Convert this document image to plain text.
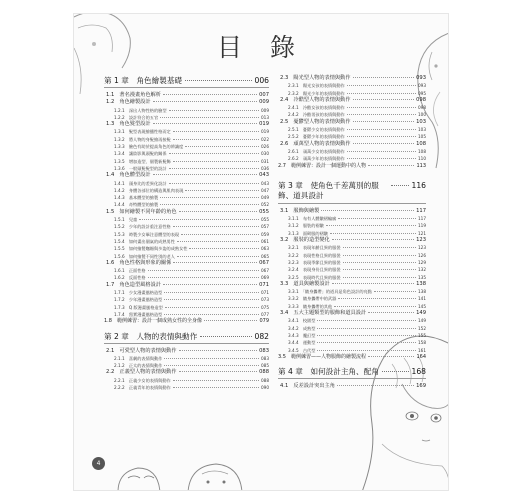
目 錄
第 1 章　角色繪製基礎	006
1.1　著名漫畫角色解析	007
1.2　角色繪製設計	009
1.2.1　深出人物性格的臉型	009
1.2.2　設計符合的五官	013
1.3　角色髮型設計	019
1.3.1　髮型表現繪播性格而定	019
1.3.2　將人物的身髮繪再接髮	022
1.3.3　臉色有助於提高角色的辨識度	026
1.3.4　讓陰影與頭髮的關係	030
1.3.5　增加造型、個製新髮飾	031
1.3.6　一般頭髮髮型的設計	036
1.4　角色體型設計	043
1.4.1　頭身比的差異化設計	043
1.4.2　身體各部位的構造與肌肉表現	047
1.4.3　基本體型的繪製	049
1.4.4　奇特體型的繪製	052
1.5　如何繪製不同年齡的角色	055
1.5.1　兒童	055
1.5.2　少年的設計重注意性格	057
1.5.3　時製少女畢注意體型的表現	059
1.5.4　如何畫出個氣的成熟男性	061
1.5.5　如何繪製嫵媚與多姿的成熟女性	063
1.5.6　如何繪製不同性別的老人	065
1.6　角色性格與形象的關係	067
1.6.1　正面性格	067
1.6.2　反面性格	069
1.7　角色造型風格設計	071
1.7.1　少女漫畫風格造型	071
1.7.2　少年漫畫風格造型	073
1.7.3　Q 版漫畫風格造型	075
1.7.4　寫實漫畫風格造型	077
1.8　範例練習：設計一個成熟女性的全身像	079
第 2 章　人物的表情與動作	082
2.1　可愛型人物的表情與動作	083
2.1.1　喜劇的表情與動作	083
2.1.2　正太的表情與動作	085
2.2　正義型人物的表情與動作	088
2.2.1　正義少女的表情與動作	088
2.2.2　正義青年的表情與動作	090
2.3　陽光型人物的表情與動作	093
2.3.1　陽光女孩的表情與動作	093
2.3.2　陽光少年的表情與動作	095
2.4　冷酷型人物的表情與動作	098
2.4.1　冷酷女孩的表情與動作	098
2.4.2　冷酷男孩的表情與動作	100
2.5　憂鬱型人物的表情與動作	103
2.5.1　憂鬱少女的表情與動作	103
2.5.2　憂鬱少年的表情與動作	105
2.6　頑萬型人物的表情與動作	108
2.6.1　頑萬少女的表情與動作	108
2.6.2　頑萬少年的表情與動作	110
2.7　範例練習：設計一個運動中的人物	113
第 3 章　使角色千差萬別的服飾、道具設計
116
3.1　服飾與繪製	117
3.1.1　布有人體皺褶輪廓	117
3.1.2　服裝的褶皺	119
3.1.3　面砌服的褶皺	121
3.2　服裝的造型變化	123
3.2.1　表現年齡且異的服裝	123
3.2.2　表現性格且異的服裝	126
3.2.3　表現季節且異的服裝	129
3.2.4　表現身份且異的服裝	132
3.2.5　表現時代且異的服裝	135
3.3　道具與繪製設計	138
3.3.1　「隨身攜帶」的道具是角色設計的亮點	138
3.3.2　隨身攜帶中的武器	141
3.3.3　隨身攜帶的其他	145
3.4　五大主題類型的服飾和道具設計	149
3.4.1　校園型	149
3.4.2　成熟型	152
3.4.3　魔幻型	155
3.4.4　運動型	158
3.4.5　古代型	161
3.5　範例練習——人物服飾的繪製流程	164
第 4 章　如何設計主角、配角	168
4.1　反差設計突出主角	169
4
